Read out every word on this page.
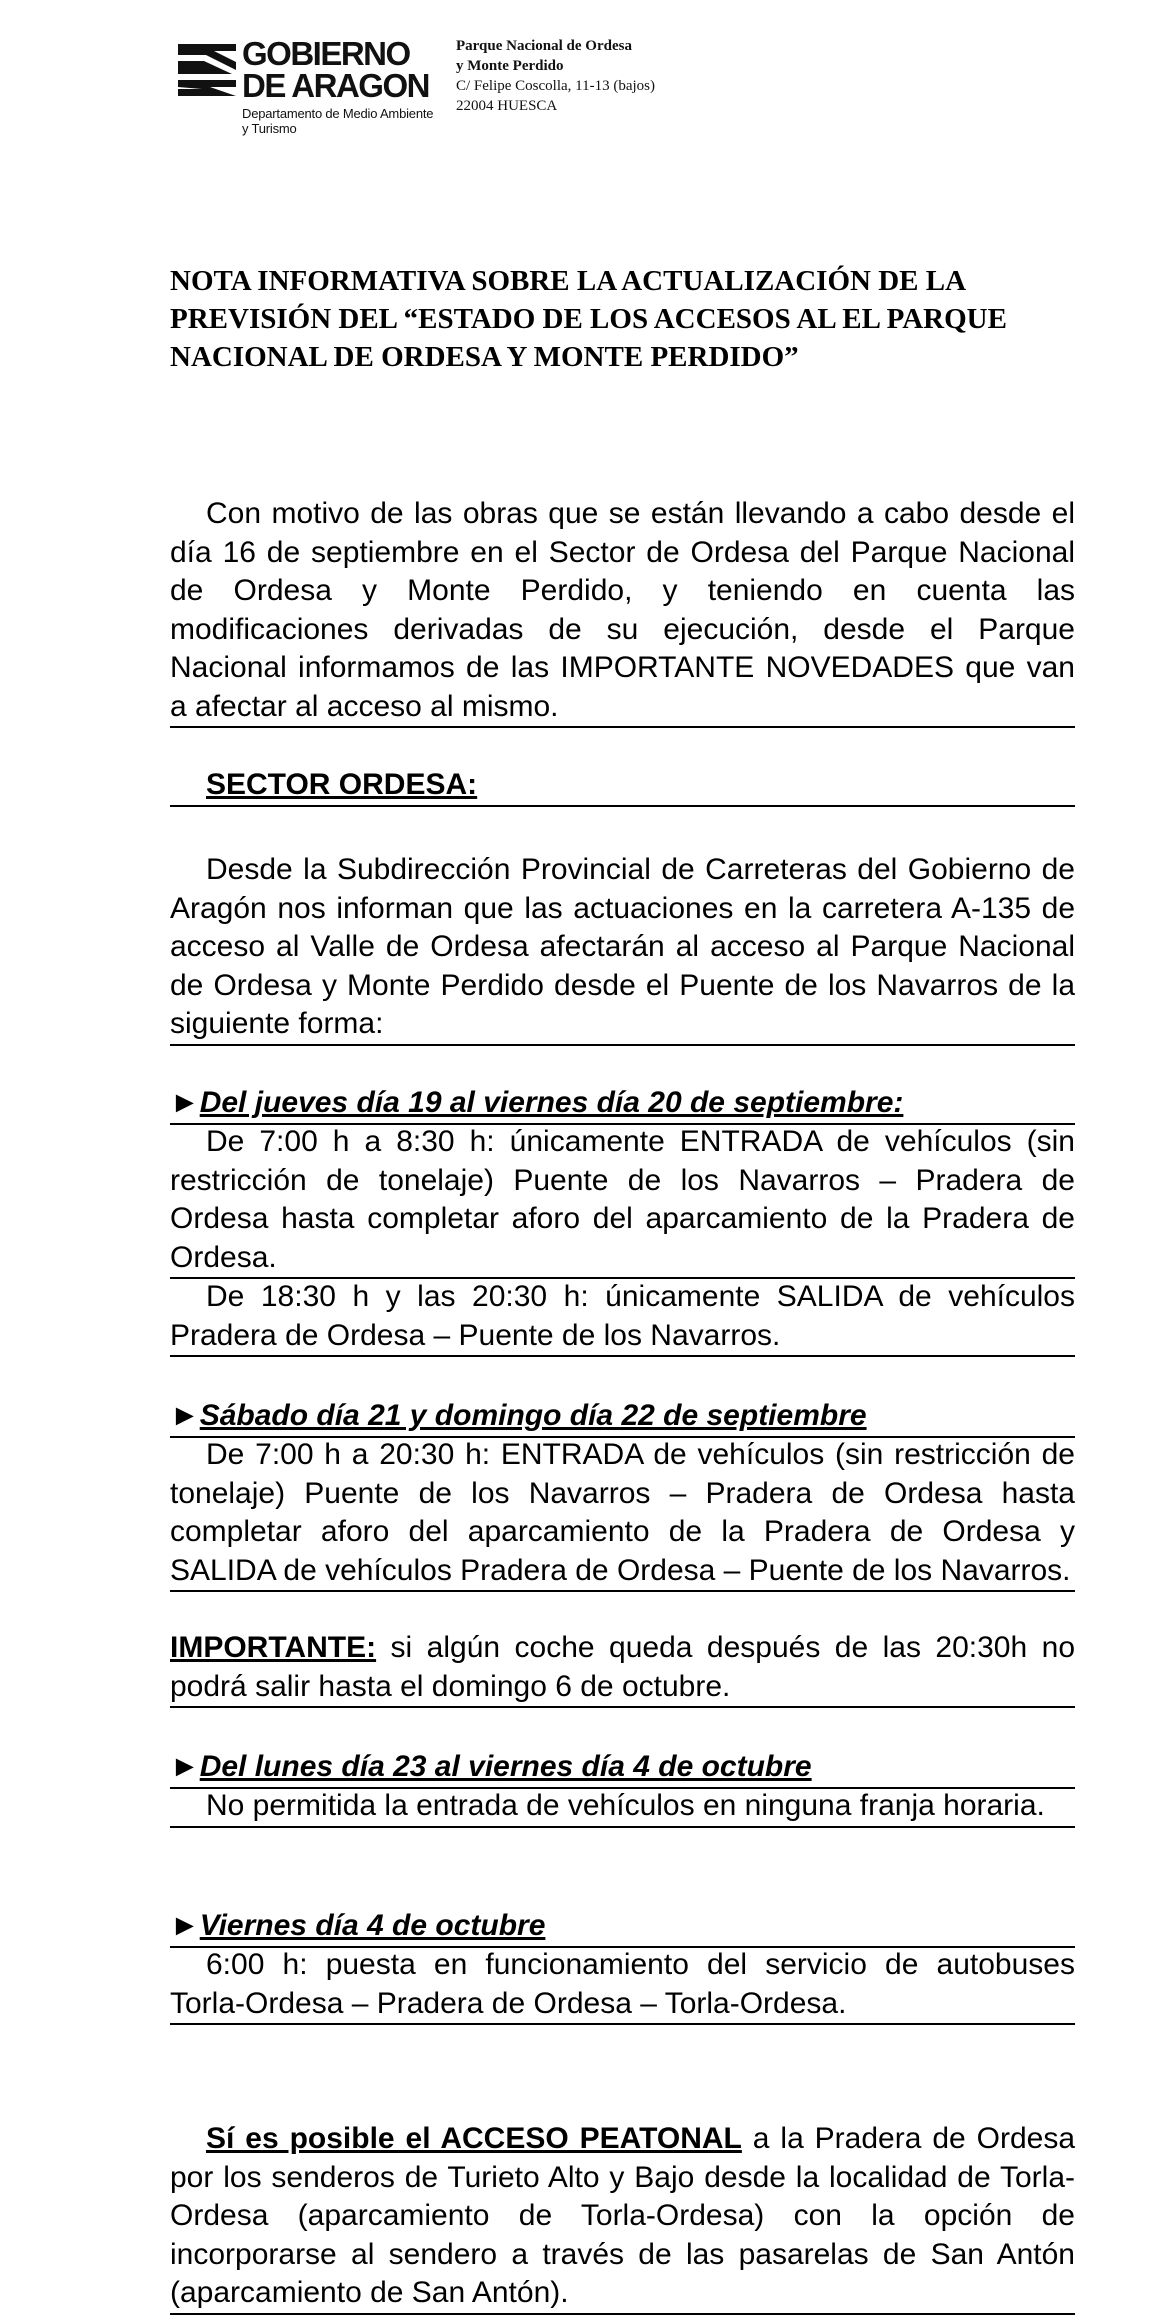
GOBIERNO
DE ARAGON
Departamento de Medio Ambiente
y Turismo
Parque Nacional de Ordesa
y Monte Perdido
C/ Felipe Coscolla, 11-13 (bajos)
22004 HUESCA
NOTA INFORMATIVA SOBRE LA ACTUALIZACIÓN DE LA PREVISIÓN DEL “ESTADO DE LOS ACCESOS AL EL PARQUE NACIONAL DE ORDESA Y MONTE PERDIDO”
Con motivo de las obras que se están llevando a cabo desde el día 16 de septiembre en el Sector de Ordesa del Parque Nacional de Ordesa y Monte Perdido, y teniendo en cuenta las modificaciones derivadas de su ejecución, desde el Parque Nacional informamos de las IMPORTANTE NOVEDADES que van a afectar al acceso al mismo.
SECTOR ORDESA:
Desde la Subdirección Provincial de Carreteras del Gobierno de Aragón nos informan que las actuaciones en la carretera A-135 de acceso al Valle de Ordesa afectarán al acceso al Parque Nacional de Ordesa y Monte Perdido desde el Puente de los Navarros de la siguiente forma:
►Del jueves día 19 al viernes día 20 de septiembre:
De 7:00 h a 8:30 h: únicamente ENTRADA de vehículos (sin restricción de tonelaje) Puente de los Navarros – Pradera de Ordesa hasta completar aforo del aparcamiento de la Pradera de Ordesa.
De 18:30 h y las 20:30 h: únicamente SALIDA de vehículos Pradera de Ordesa – Puente de los Navarros.
►Sábado día 21 y domingo día 22 de septiembre
De 7:00 h a 20:30 h: ENTRADA de vehículos (sin restricción de tonelaje) Puente de los Navarros – Pradera de Ordesa hasta completar aforo del aparcamiento de la Pradera de Ordesa y SALIDA de vehículos Pradera de Ordesa – Puente de los Navarros.
IMPORTANTE: si algún coche queda después de las 20:30h no podrá salir hasta el domingo 6 de octubre.
►Del lunes día 23 al viernes día 4 de octubre
No permitida la entrada de vehículos en ninguna franja horaria.
►Viernes día 4 de octubre
6:00 h: puesta en funcionamiento del servicio de autobuses Torla-Ordesa – Pradera de Ordesa – Torla-Ordesa.
Sí es posible el ACCESO PEATONAL a la Pradera de Ordesa por los senderos de Turieto Alto y Bajo desde la localidad de Torla-Ordesa (aparcamiento de Torla-Ordesa) con la opción de incorporarse al sendero a través de las pasarelas de San Antón (aparcamiento de San Antón).
